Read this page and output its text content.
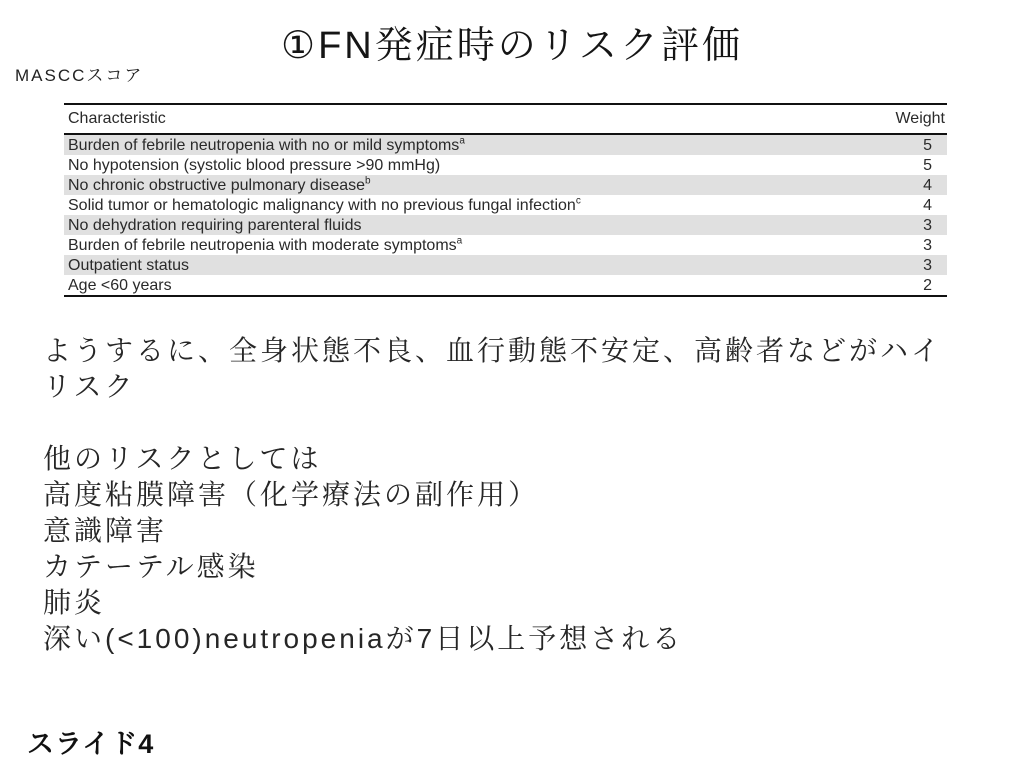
①FN発症時のリスク評価
MASCCスコア
Characteristic	Weight
Burden of febrile neutropenia with no or mild symptoms$^a$	5
No hypotension (systolic blood pressure >90 mmHg)	5
No chronic obstructive pulmonary disease$^b$	4
Solid tumor or hematologic malignancy with no previous fungal infection$^c$	4
No dehydration requiring parenteral fluids	3
Burden of febrile neutropenia with moderate symptoms$^a$	3
Outpatient status	3
Age <60 years	2
ようするに、全身状態不良、血行動態不安定、高齢者などがハイ
リスク
他のリスクとしては
高度粘膜障害（化学療法の副作用）
意識障害
カテーテル感染
肺炎
深い(<100)neutropeniaが7日以上予想される
スライド4
